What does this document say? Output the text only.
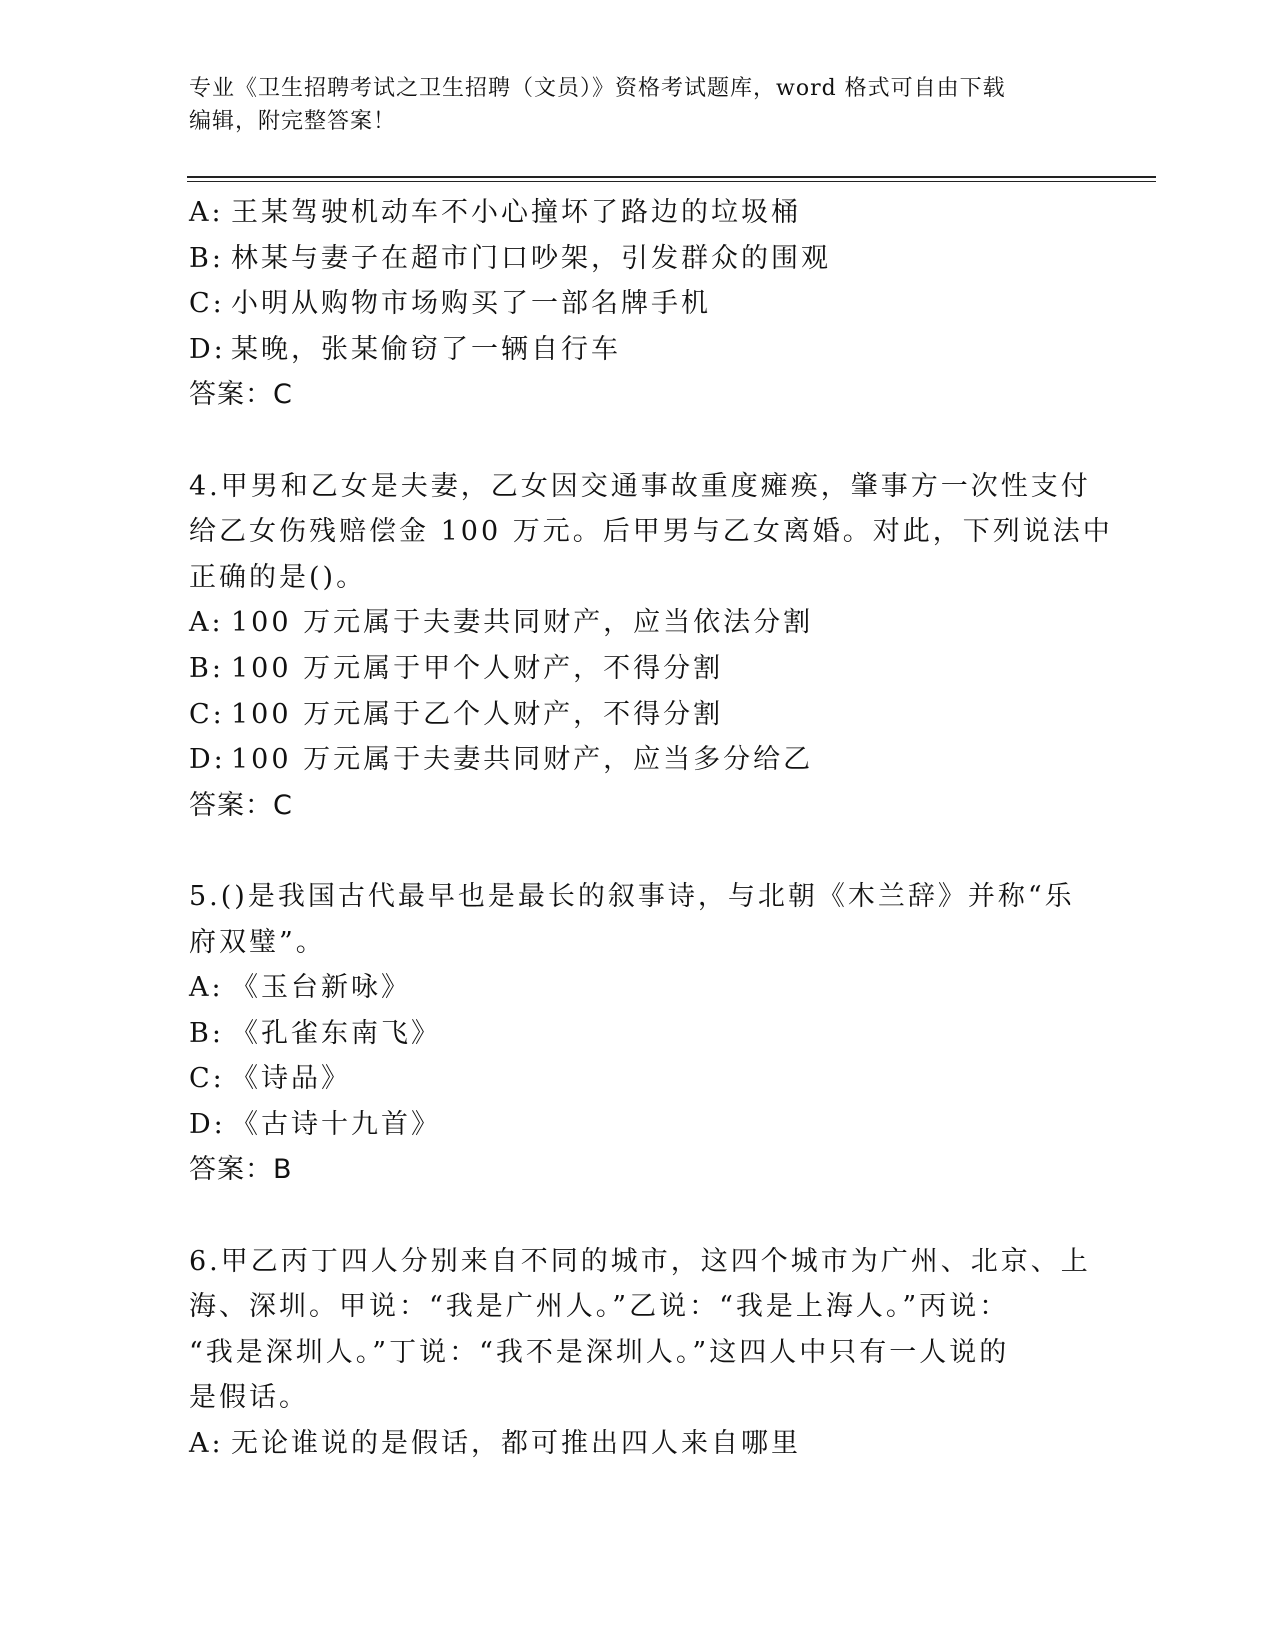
专业《卫生招聘考试之卫生招聘（文员）》资格考试题库，word 格式可自由下载
编辑，附完整答案！
A: 王某驾驶机动车不小心撞坏了路边的垃圾桶
B: 林某与妻子在超市门口吵架，引发群众的围观
C: 小明从购物市场购买了一部名牌手机
D: 某晚，张某偷窃了一辆自行车
答案：C
4.甲男和乙女是夫妻，乙女因交通事故重度瘫痪，肇事方一次性支付
给乙女伤残赔偿金 100 万元。后甲男与乙女离婚。对此，下列说法中
正确的是()。
A: 100 万元属于夫妻共同财产，应当依法分割
B: 100 万元属于甲个人财产，不得分割
C: 100 万元属于乙个人财产，不得分割
D: 100 万元属于夫妻共同财产，应当多分给乙
答案：C
5.()是我国古代最早也是最长的叙事诗，与北朝《木兰辞》并称“乐
府双璧”。
A: 《玉台新咏》
B: 《孔雀东南飞》
C: 《诗品》
D: 《古诗十九首》
答案：B
6.甲乙丙丁四人分别来自不同的城市，这四个城市为广州、北京、上
海、深圳。甲说：“我是广州人。”乙说：“我是上海人。”丙说：
“我是深圳人。”丁说：“我不是深圳人。”这四人中只有一人说的
是假话。
A: 无论谁说的是假话，都可推出四人来自哪里
